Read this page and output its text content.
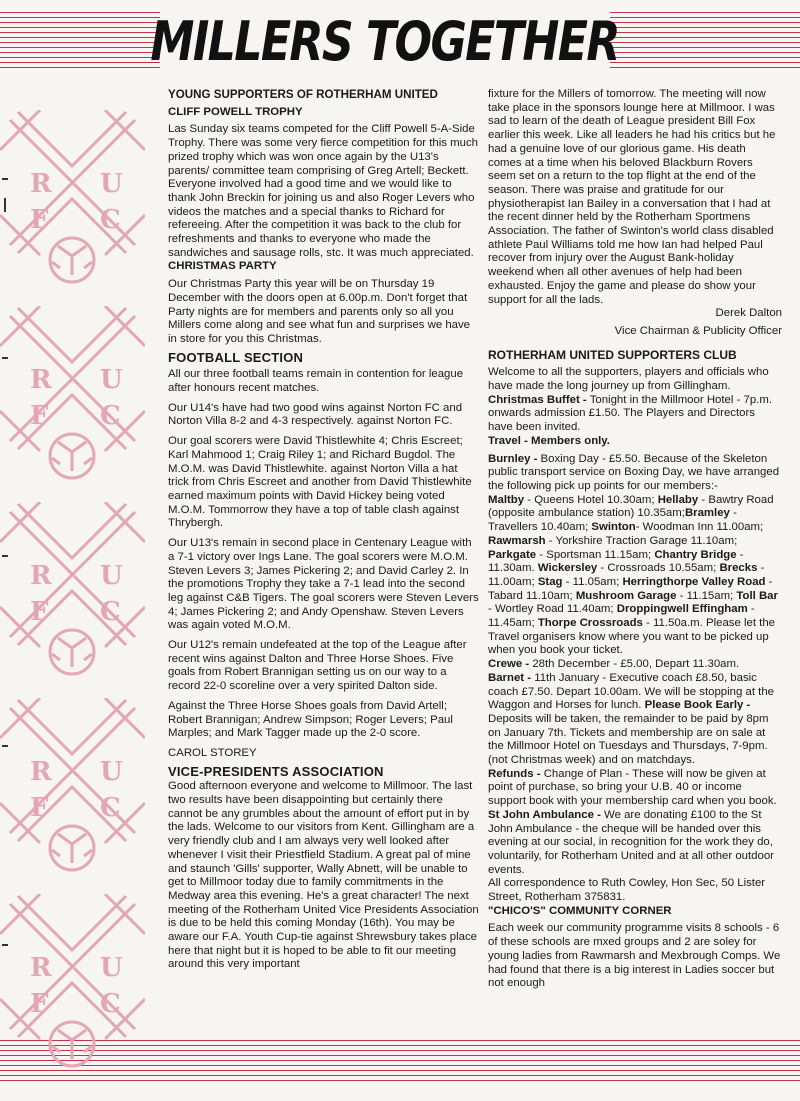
MILLERS TOGETHER
R U
F C
R U
F C
R U
F C
R U
F C
R U
F C

YOUNG SUPPORTERS OF ROTHERHAM UNITED

CLIFF POWELL TROPHY

Las Sunday six teams competed for the Cliff Powell 5-A-Side Trophy. There was some very fierce competition for this much prized trophy which was won once again by the U13's parents/ committee team comprising of Greg Artell; Beckett. Everyone involved had a good time and we would like to thank John Breckin for joining us and also Roger Levers who videos the matches and a special thanks to Richard for refereeing. After the competition it was back to the club for refreshments and thanks to everyone who made the sandwiches and sausage rolls, stc. It was much appreciated.

CHRISTMAS PARTY

Our Christmas Party this year will be on Thursday 19 December with the doors open at 6.00p.m. Don't forget that Party nights are for members and parents only so all you Millers come along and see what fun and surprises we have in store for you this Christmas.

FOOTBALL SECTION

All our three football teams remain in contention for league after honours recent matches.

Our U14's have had two good wins against Norton FC and Norton Villa 8-2 and 4-3 respectively. against Norton FC.

Our goal scorers were David Thistlewhite 4; Chris Escreet; Karl Mahmood 1; Craig Riley 1; and Richard Bugdol. The M.O.M. was David Thistlewhite. against Norton Villa a hat trick from Chris Escreet and another from David Thistlewhite earned maximum points with David Hickey being voted M.O.M. Tommorrow they have a top of table clash against Thrybergh.

Our U13's remain in second place in Centenary League with a 7-1 victory over Ings Lane. The goal scorers were M.O.M. Steven Levers 3; James Pickering 2; and David Carley 2. In the promotions Trophy they take a 7-1 lead into the second leg against C&B Tigers. The goal scorers were Steven Levers 4; James Pickering 2; and Andy Openshaw. Steven Levers was again voted M.O.M.

Our U12's remain undefeated at the top of the League after recent wins against Dalton and Three Horse Shoes. Five goals from Robert Brannigan setting us on our way to a record 22-0 scoreline over a very spirited Dalton side.

Against the Three Horse Shoes goals from David Artell; Robert Brannigan; Andrew Simpson; Roger Levers; Paul Marples; and Mark Tagger made up the 2-0 score.

CAROL STOREY

VICE-PRESIDENTS ASSOCIATION

Good afternoon everyone and welcome to Millmoor. The last two results have been disappointing but certainly there cannot be any grumbles about the amount of effort put in by the lads. Welcome to our visitors from Kent. Gillingham are a very friendly club and I am always very well looked after whenever I visit their Priestfield Stadium. A great pal of mine and staunch 'Gills' supporter, Wally Abnett, will be unable to get to Millmoor today due to family commitments in the Medway area this evening. He's a great character! The next meeting of the Rotherham United Vice Presidents Association is due to be held this coming Monday (16th). You may be aware our F.A. Youth Cup-tie against Shrewsbury takes place here that night but it is hoped to be able to fit our meeting around this very important

fixture for the Millers of tomorrow. The meeting will now take place in the sponsors lounge here at Millmoor. I was sad to learn of the death of League president Bill Fox earlier this week. Like all leaders he had his critics but he had a genuine love of our glorious game. His death comes at a time when his beloved Blackburn Rovers seem set on a return to the top flight at the end of the season. There was praise and gratitude for our physiotherapist Ian Bailey in a conversation that I had at the recent dinner held by the Rotherham Sportmens Association. The father of Swinton's world class disabled athlete Paul Williams told me how Ian had helped Paul recover from injury over the August Bank-holiday weekend when all other avenues of help had been exhausted. Enjoy the game and please do show your support for all the lads.

Derek Dalton

Vice Chairman & Publicity Officer

ROTHERHAM UNITED SUPPORTERS CLUB

Welcome to all the supporters, players and officials who have made the long journey up from Gillingham.

Christmas Buffet - Tonight in the Millmoor Hotel - 7p.m. onwards admission £1.50. The Players and Directors have been invited.

Travel - Members only.

Burnley - Boxing Day - £5.50. Because of the Skeleton public transport service on Boxing Day, we have arranged the following pick up points for our members:-

Maltby - Queens Hotel 10.30am; Hellaby - Bawtry Road (opposite ambulance station) 10.35am;Bramley - Travellers 10.40am; Swinton- Woodman Inn 11.00am; Rawmarsh - Yorkshire Traction Garage 11.10am; Parkgate - Sportsman 11.15am; Chantry Bridge - 11.30am. Wickersley - Crossroads 10.55am; Brecks - 11.00am; Stag - 11.05am; Herringthorpe Valley Road - Tabard 11.10am; Mushroom Garage - 11.15am; Toll Bar - Wortley Road 11.40am; Droppingwell Effingham - 11.45am; Thorpe Crossroads - 11.50a.m. Please let the Travel organisers know where you want to be picked up when you book your ticket.

Crewe - 28th December - £5.00, Depart 11.30am.

Barnet - 11th January - Executive coach £8.50, basic coach £7.50. Depart 10.00am. We will be stopping at the Waggon and Horses for lunch. Please Book Early - Deposits will be taken, the remainder to be paid by 8pm on January 7th. Tickets and membership are on sale at the Millmoor Hotel on Tuesdays and Thursdays, 7-9pm. (not Christmas week) and on matchdays.

Refunds - Change of Plan - These will now be given at point of purchase, so bring your U.B. 40 or income support book with your membership card when you book.

St John Ambulance - We are donating £100 to the St John Ambulance - the cheque will be handed over this evening at our social, in recognition for the work they do, voluntarily, for Rotherham United and at all other outdoor events.

All correspondence to Ruth Cowley, Hon Sec, 50 Lister Street, Rotherham 375831.

"CHICO'S" COMMUNITY CORNER

Each week our community programme visits 8 schools - 6 of these schools are mxed groups and 2 are soley for young ladies from Rawmarsh and Mexbrough Comps. We had found that there is a big interest in Ladies soccer but not enough
